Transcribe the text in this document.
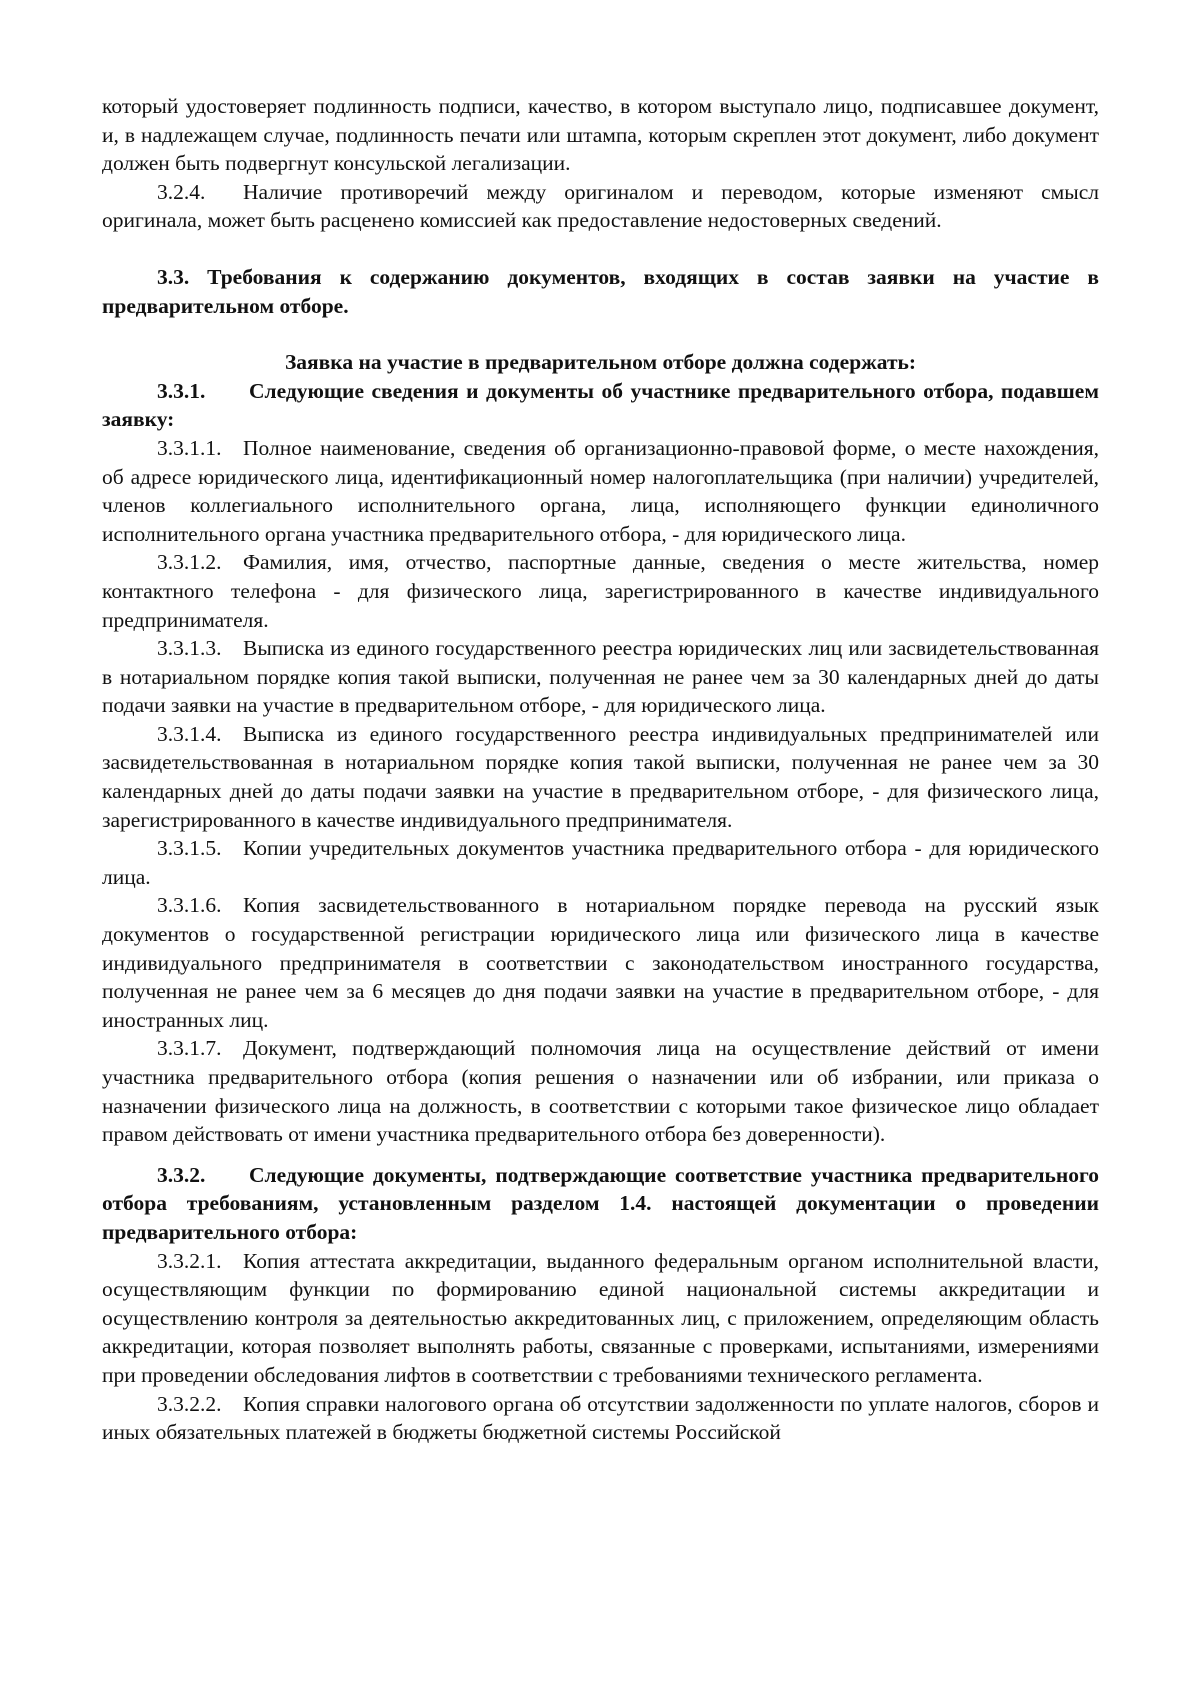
который удостоверяет подлинность подписи, качество, в котором выступало лицо, подписавшее документ, и, в надлежащем случае, подлинность печати или штампа, которым скреплен этот документ, либо документ должен быть подвергнут консульской легализации.

3.2.4. Наличие противоречий между оригиналом и переводом, которые изменяют смысл оригинала, может быть расценено комиссией как предоставление недостоверных сведений.

3.3. Требования к содержанию документов, входящих в состав заявки на участие в предварительном отборе.

Заявка на участие в предварительном отборе должна содержать:

3.3.1. Следующие сведения и документы об участнике предварительного отбора, подавшем заявку:

3.3.1.1. Полное наименование, сведения об организационно-правовой форме, о месте нахождения, об адресе юридического лица, идентификационный номер налогоплательщика (при наличии) учредителей, членов коллегиального исполнительного органа, лица, исполняющего функции единоличного исполнительного органа участника предварительного отбора, - для юридического лица.

3.3.1.2. Фамилия, имя, отчество, паспортные данные, сведения о месте жительства, номер контактного телефона - для физического лица, зарегистрированного в качестве индивидуального предпринимателя.

3.3.1.3. Выписка из единого государственного реестра юридических лиц или засвидетельствованная в нотариальном порядке копия такой выписки, полученная не ранее чем за 30 календарных дней до даты подачи заявки на участие в предварительном отборе, - для юридического лица.

3.3.1.4. Выписка из единого государственного реестра индивидуальных предпринимателей или засвидетельствованная в нотариальном порядке копия такой выписки, полученная не ранее чем за 30 календарных дней до даты подачи заявки на участие в предварительном отборе, - для физического лица, зарегистрированного в качестве индивидуального предпринимателя.

3.3.1.5. Копии учредительных документов участника предварительного отбора - для юридического лица.

3.3.1.6. Копия засвидетельствованного в нотариальном порядке перевода на русский язык документов о государственной регистрации юридического лица или физического лица в качестве индивидуального предпринимателя в соответствии с законодательством иностранного государства, полученная не ранее чем за 6 месяцев до дня подачи заявки на участие в предварительном отборе, - для иностранных лиц.

3.3.1.7. Документ, подтверждающий полномочия лица на осуществление действий от имени участника предварительного отбора (копия решения о назначении или об избрании, или приказа о назначении физического лица на должность, в соответствии с которыми такое физическое лицо обладает правом действовать от имени участника предварительного отбора без доверенности).

3.3.2. Следующие документы, подтверждающие соответствие участника предварительного отбора требованиям, установленным разделом 1.4. настоящей документации о проведении предварительного отбора:

3.3.2.1. Копия аттестата аккредитации, выданного федеральным органом исполнительной власти, осуществляющим функции по формированию единой национальной системы аккредитации и осуществлению контроля за деятельностью аккредитованных лиц, с приложением, определяющим область аккредитации, которая позволяет выполнять работы, связанные с проверками, испытаниями, измерениями при проведении обследования лифтов в соответствии с требованиями технического регламента.

3.3.2.2. Копия справки налогового органа об отсутствии задолженности по уплате налогов, сборов и иных обязательных платежей в бюджеты бюджетной системы Российской
